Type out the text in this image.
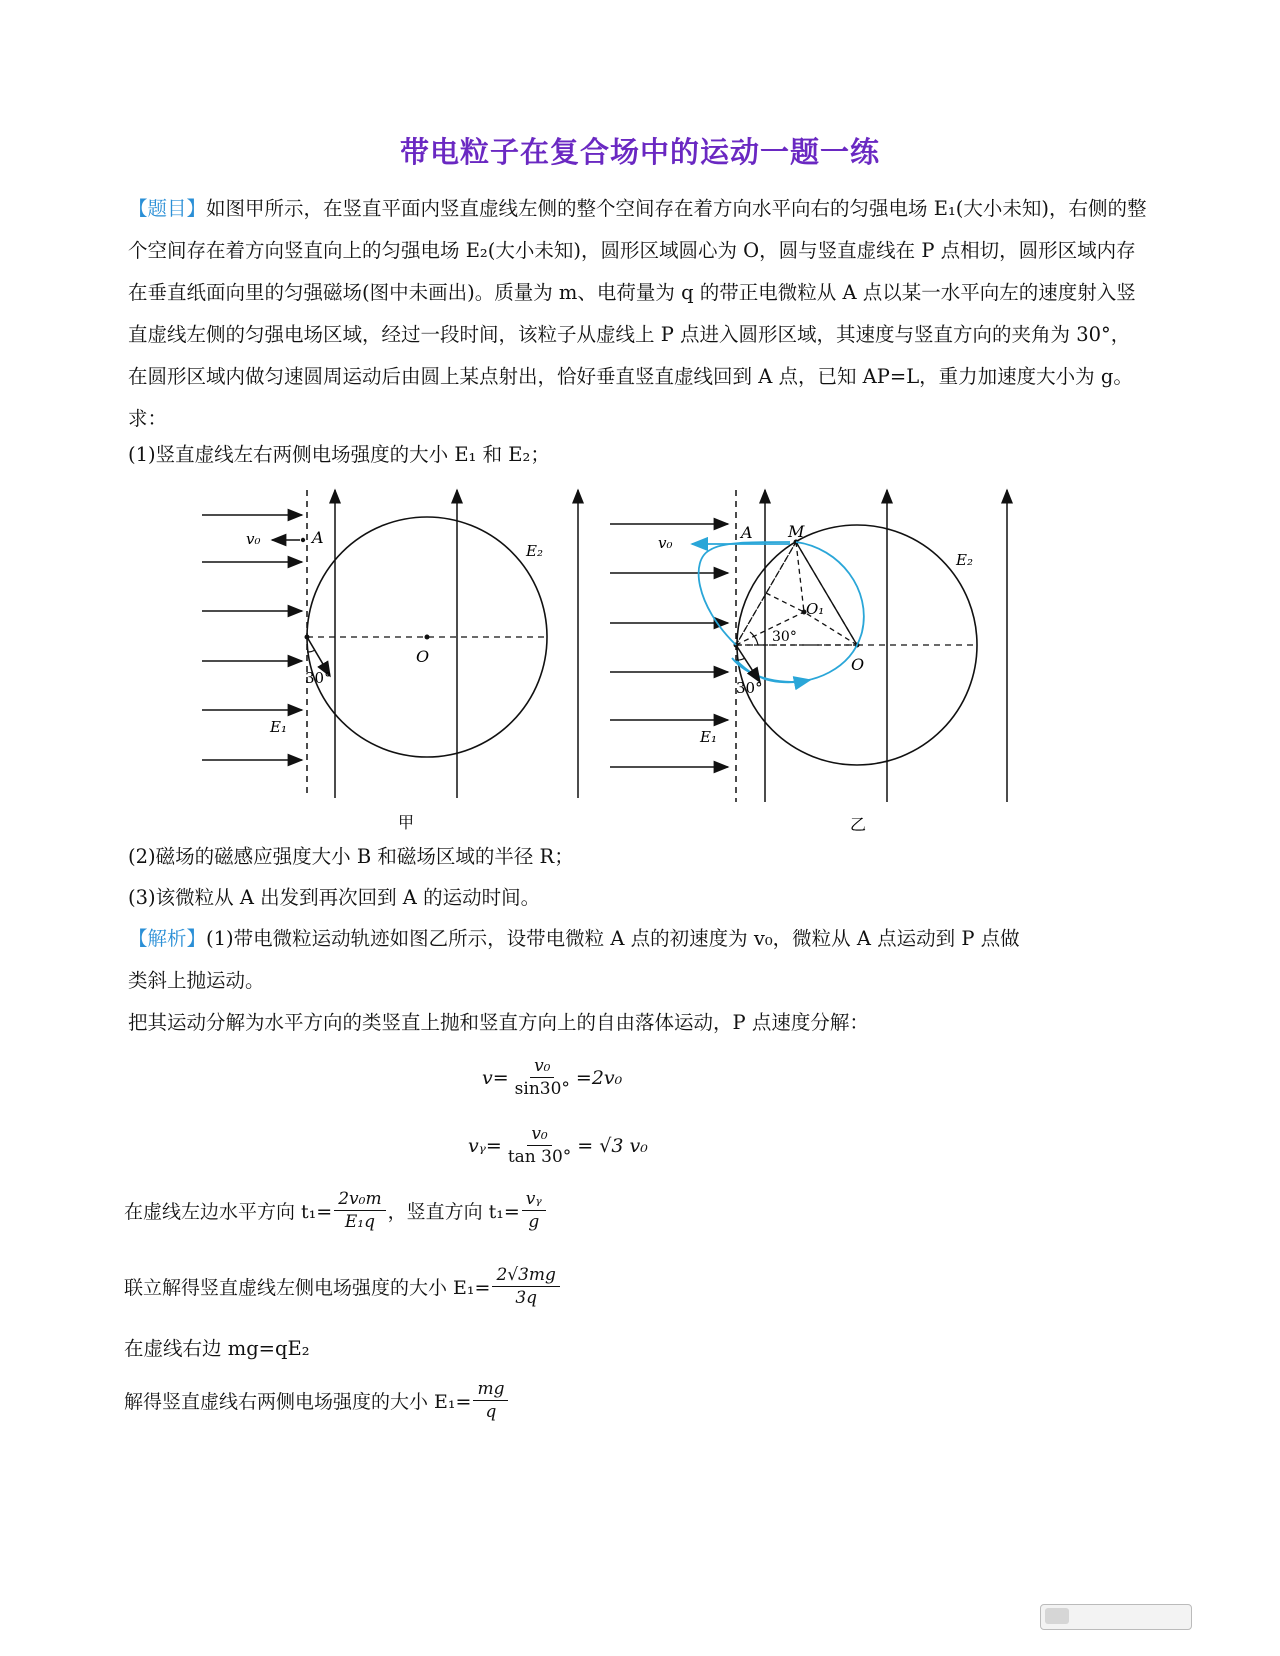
带电粒子在复合场中的运动一题一练

【题目】如图甲所示，在竖直平面内竖直虚线左侧的整个空间存在着方向水平向右的匀强电场 E₁(大小未知)，右侧的整个空间存在着方向竖直向上的匀强电场 E₂(大小未知)，圆形区域圆心为 O，圆与竖直虚线在 P 点相切，圆形区域内存在垂直纸面向里的匀强磁场(图中未画出)。质量为 m、电荷量为 q 的带正电微粒从 A 点以某一水平向左的速度射入竖直虚线左侧的匀强电场区域，经过一段时间，该粒子从虚线上 P 点进入圆形区域，其速度与竖直方向的夹角为 30°，在圆形区域内做匀速圆周运动后由圆上某点射出，恰好垂直竖直虚线回到 A 点，已知 AP=L，重力加速度大小为 g。求：

(1)竖直虚线左右两侧电场强度的大小 E₁ 和 E₂；
v₀	A
E₂
O
30°
E₁
甲
v₀
A M
E₂
O₁
30°
O
30°
E₁
乙
(2)磁场的磁感应强度大小 B 和磁场区域的半径 R；
(3)该微粒从 A 出发到再次回到 A 的运动时间。
【解析】(1)带电微粒运动轨迹如图乙所示，设带电微粒 A 点的初速度为 v₀，微粒从 A 点运动到 P 点做
类斜上抛运动。
把其运动分解为水平方向的类竖直上抛和竖直方向上的自由落体运动，P 点速度分解：
$v= \frac{\text{v₀}}{\sin 30^\circ} =2v_0$
vᵧ= $\frac{\text{v₀}}{\tan 30^\circ} = √3$ v₀
在虚线左边水平方向 $t_1= \frac{\text{2v₀m}}{\text{E₁q}}$ ，竖直方向 $t_1= \frac{\text{vᵧ}}{g}$
联立解得竖直虚线左侧电场强度的大小 $E_1= \frac{2√3mg}{3q}$
在虚线右边 mg=qE₂
解得竖直虚线右两侧电场强度的大小 $E_1= \frac{mg}{q}$
